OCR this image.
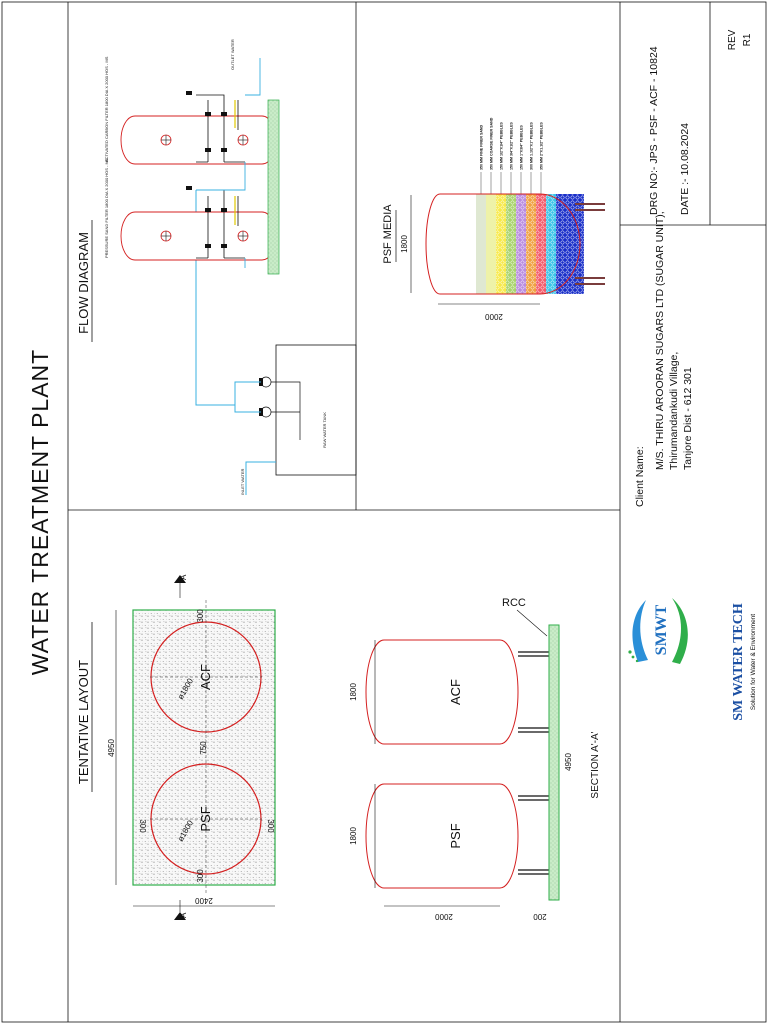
WATER TREATMENT PLANT
REV R1
DRG NO:- JPS - PSF - ACF - 10824 DATE :- 10.08.2024
Client Name:
M/S. THIRU AROORAN SUGARS LTD (SUGAR UNIT), Thirumandankudi Village, Tanjore Dist - 612 301
SMWT	SM WATER TECH Solution for Water & Environment
FLOW DIAGRAM
RAW WATER TANK
INLET WATER
PRESSURE SAND FILTER 1800 DIA X 2000 HOS - MS
ACTIVATED CARBON FILTER 1800 DIA X 2000 HOS - MS
OUTLET WATER
PSF MEDIA 1800
2000
350 MM FINE FINER SAND 350 MM COARSE FINER SAND 150 MM 1/2"X1/4" PEBBLES 150 MM 3/4"X1/2" PEBBLES 150 MM 1"X3/4" PEBBLES 300 MM 1.1/2"X1" PEBBLES 350 MM 2"X1.1/2" PEBBLES
TENTATIVE LAYOUT	ø1800 ACF
ø1800 PSF
750
300
300
300	300
4950
2400
A
A
ACF
PSF
RCC
1800
1800
2000	200
4950 SECTION A'-A'
